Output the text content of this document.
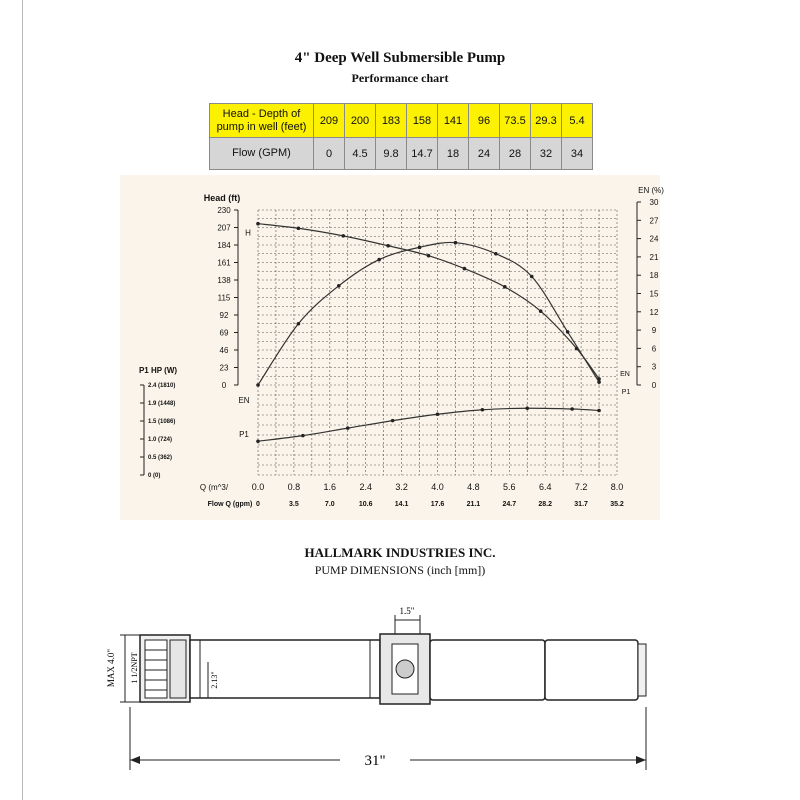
4" Deep Well Submersible Pump
Performance chart
Head - Depth of pump in well (feet)	209	200	183	158	141	96	73.5	29.3	5.4
Flow (GPM)	0	4.5	9.8	14.7	18	24	28	32	34
Head (ft)
230
207
184
161
138
115
92
69
46
23
0
EN (%)
30
27
24
21
18
15
12
9
6
3
0
P1 HP (W)
2.4 (1810)
1.9 (1448)
1.5 (1086)
1.0 (724)
0.5 (362)
0 (0)
Q (m^3/	0.0	0.8	1.6	2.4	3.2	4.0	4.8	5.6	6.4	7.2	8.0
Flow Q (gpm) 0	3.5	7.0	10.6	14.1	17.6	21.1	24.7	28.2	31.7	35.2
H
EN
EN
P1
P1
HALLMARK INDUSTRIES INC.
PUMP DIMENSIONS (inch [mm])
1.5"
MAX 4.0" 1 1/2NPT	2.13"
31"
